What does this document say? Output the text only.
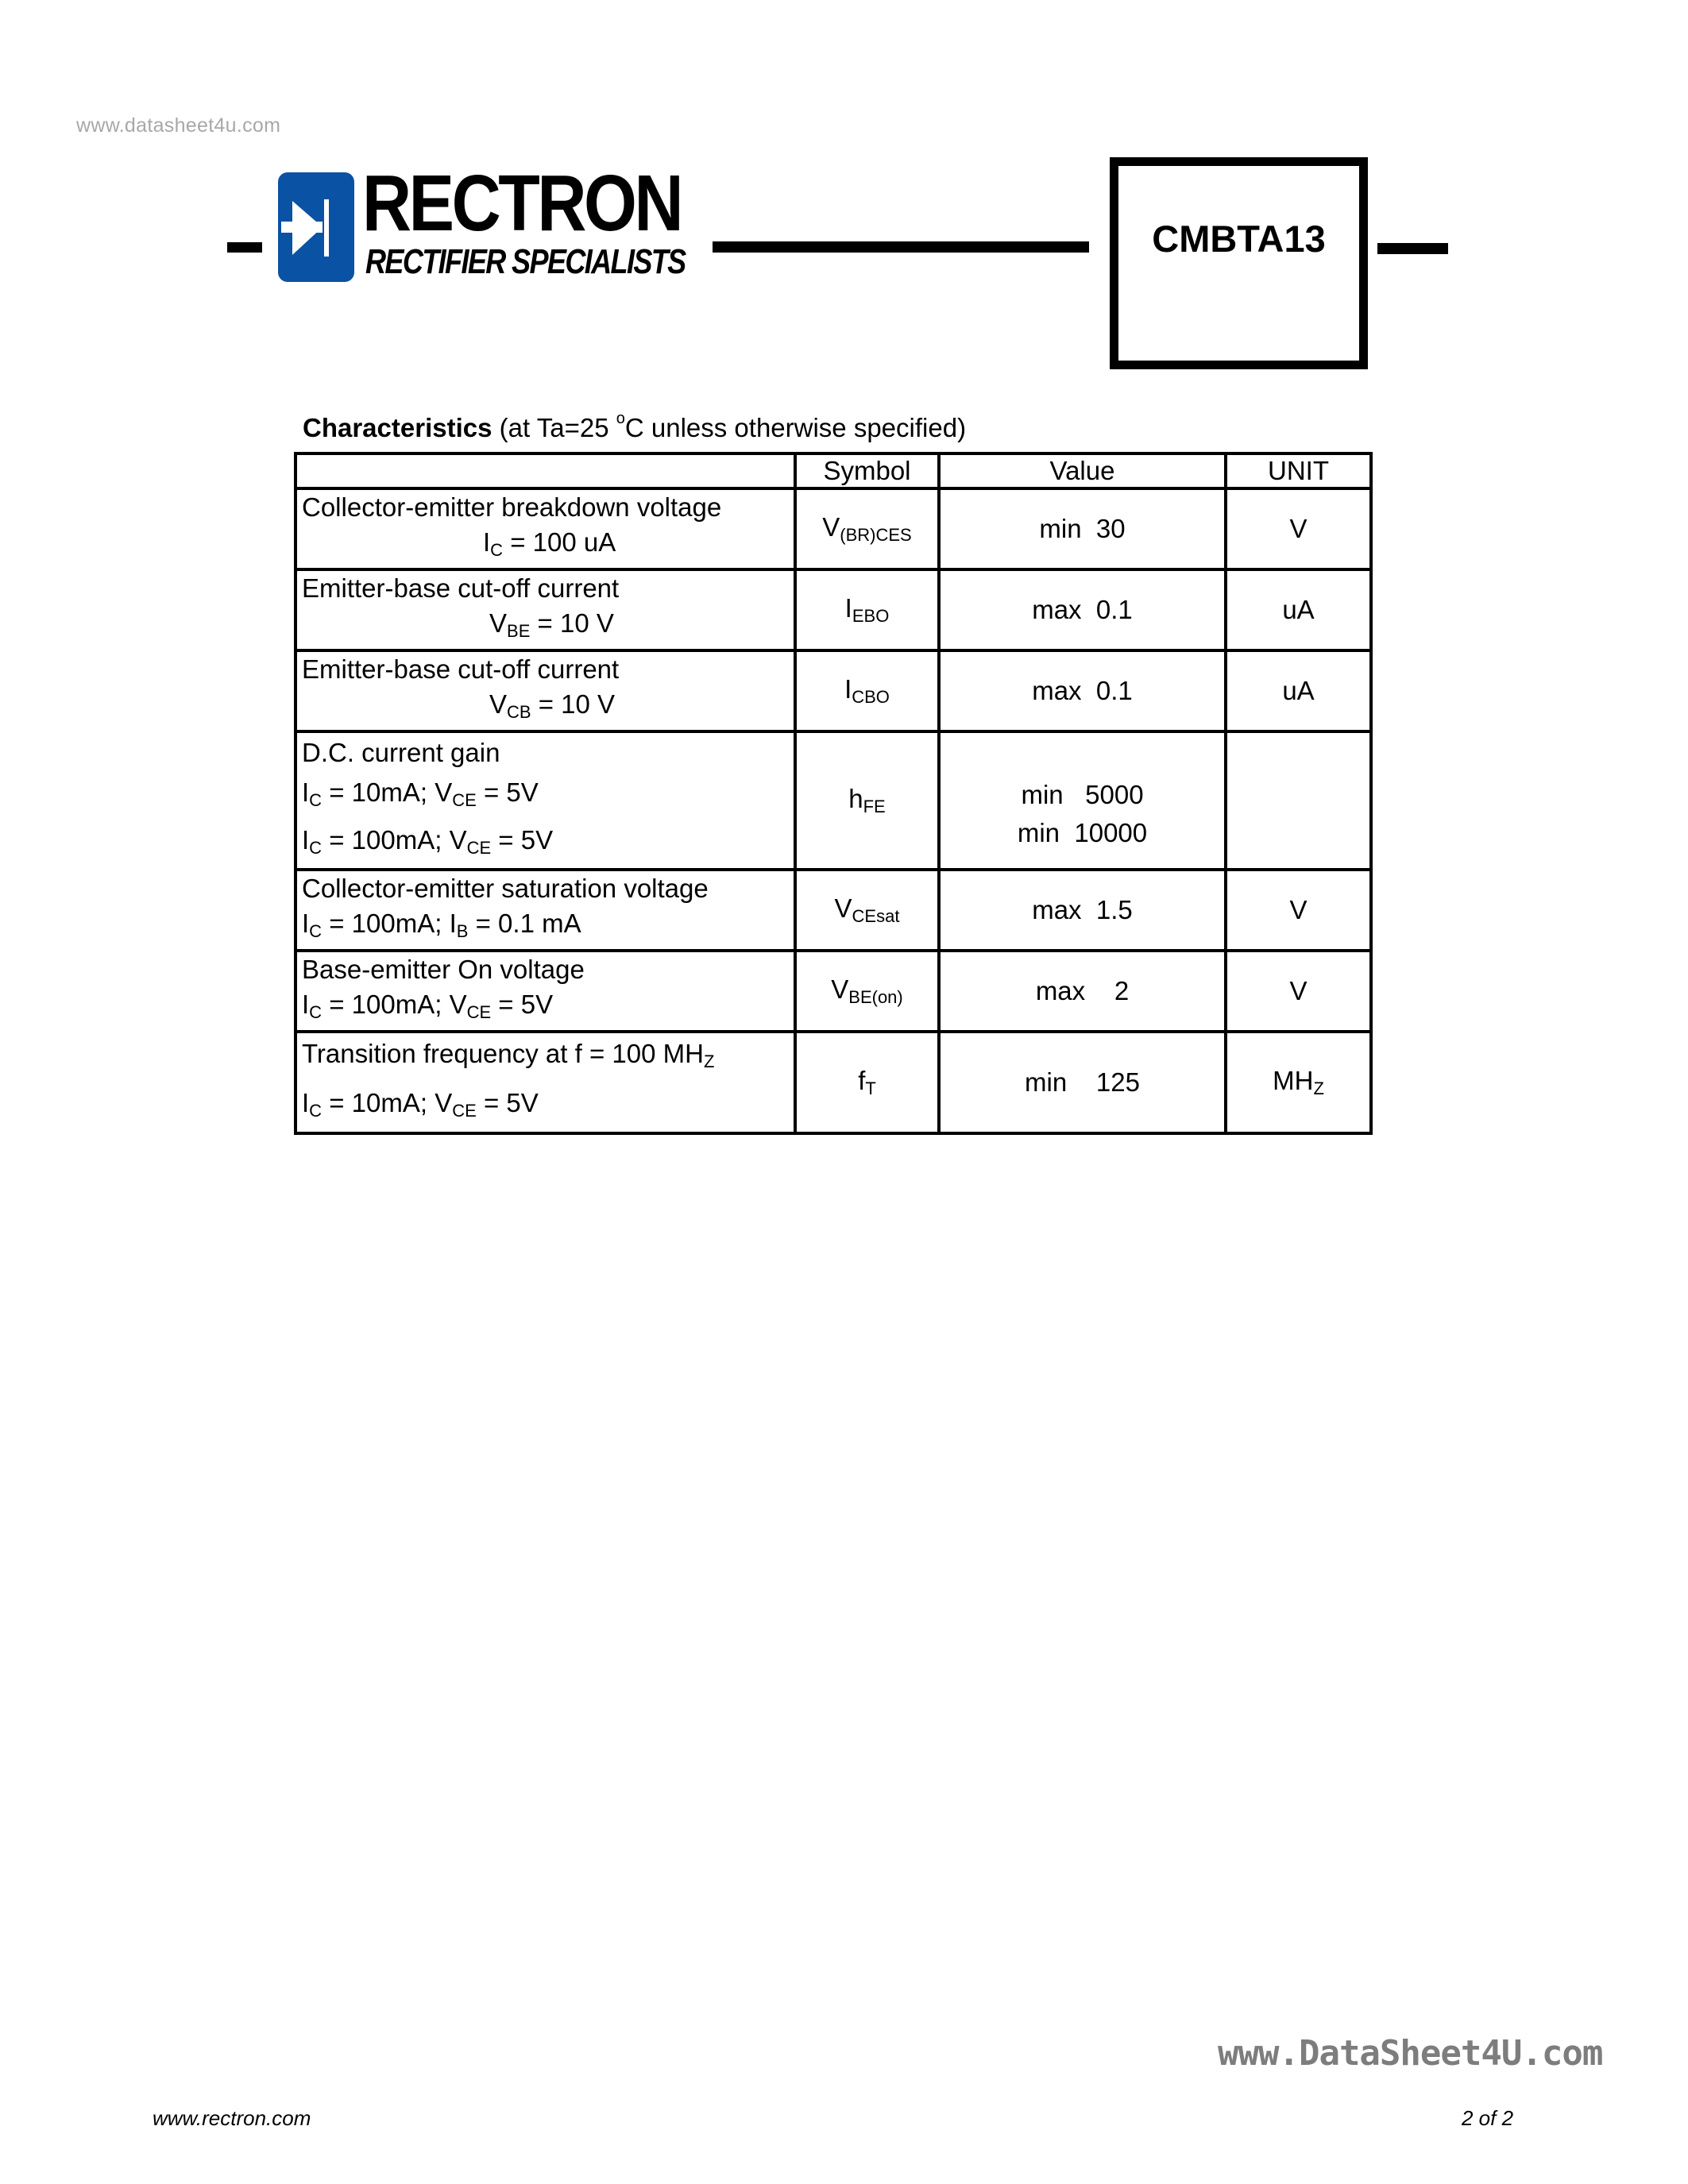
www.datasheet4u.com
RECTRON
RECTIFIER SPECIALISTS
CMBTA13
Characteristics (at Ta=25 $^o$C unless otherwise specified)
	Symbol	Value	UNIT
Collector-emitter breakdown voltage
$I_C = 100$ uA	$V_{(BR)CES}$	min  30	V
Emitter-base cut-off current
$V_{BE} = 10$ V	$I_{EBO}$	max  0.1	uA
Emitter-base cut-off current
$V_{CB} = 10$ V	$I_{CBO}$	max  0.1	uA
D.C. current gain
$I_C = 10mA$; $V_{CE} = 5V$
$I_C = 100mA$; $V_{CE} = 5V$	$h_{FE}$	min   5000
min  10000	

Collector-emitter saturation voltage
$I_C = 100mA$; $I_B = 0.1$ mA	$V_{CEsat}$	max  1.5	V
Base-emitter On voltage
$I_C = 100mA$; $V_{CE} = 5V$	$V_{BE(on)}$	max    2	V
Transition frequency at f = 100 $MH_Z$
$I_C = 10mA$; $V_{CE} = 5V$	$f_T$	min    125	$MH_Z$
www.DataSheet4U.com
www.rectron.com	2 of 2
